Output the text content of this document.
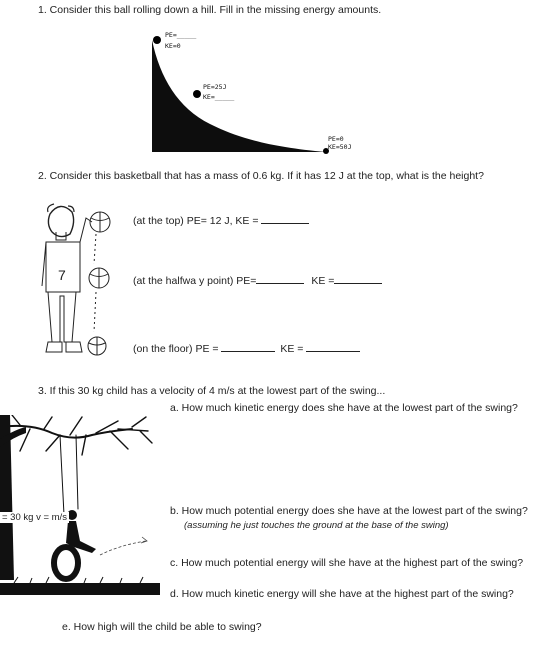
1. Consider this ball rolling down a hill. Fill in the missing energy amounts.
PE=_____
KE=0
PE=25J
KE=_____
PE=0
KE=50J
2. Consider this basketball that has a mass of 0.6 kg. If it has 12 J at the top, what is the height?
7
(at the top) PE= 12 J, KE =
(at the halfwa y point) PE=	KE =
(on the floor) PE =	KE =
3. If this 30 kg child has a velocity of 4 m/s at the lowest part of the swing...
a. How much kinetic energy does she have at the lowest part of the swing?
= 30 kg v = m/s
b. How much potential energy does she have at the lowest part of the swing?
(assuming he just touches the ground at the base of the swing)
c. How much potential energy will she have at the highest part of the swing?
d. How much kinetic energy will she have at the highest part of the swing?
e. How high will the child be able to swing?
